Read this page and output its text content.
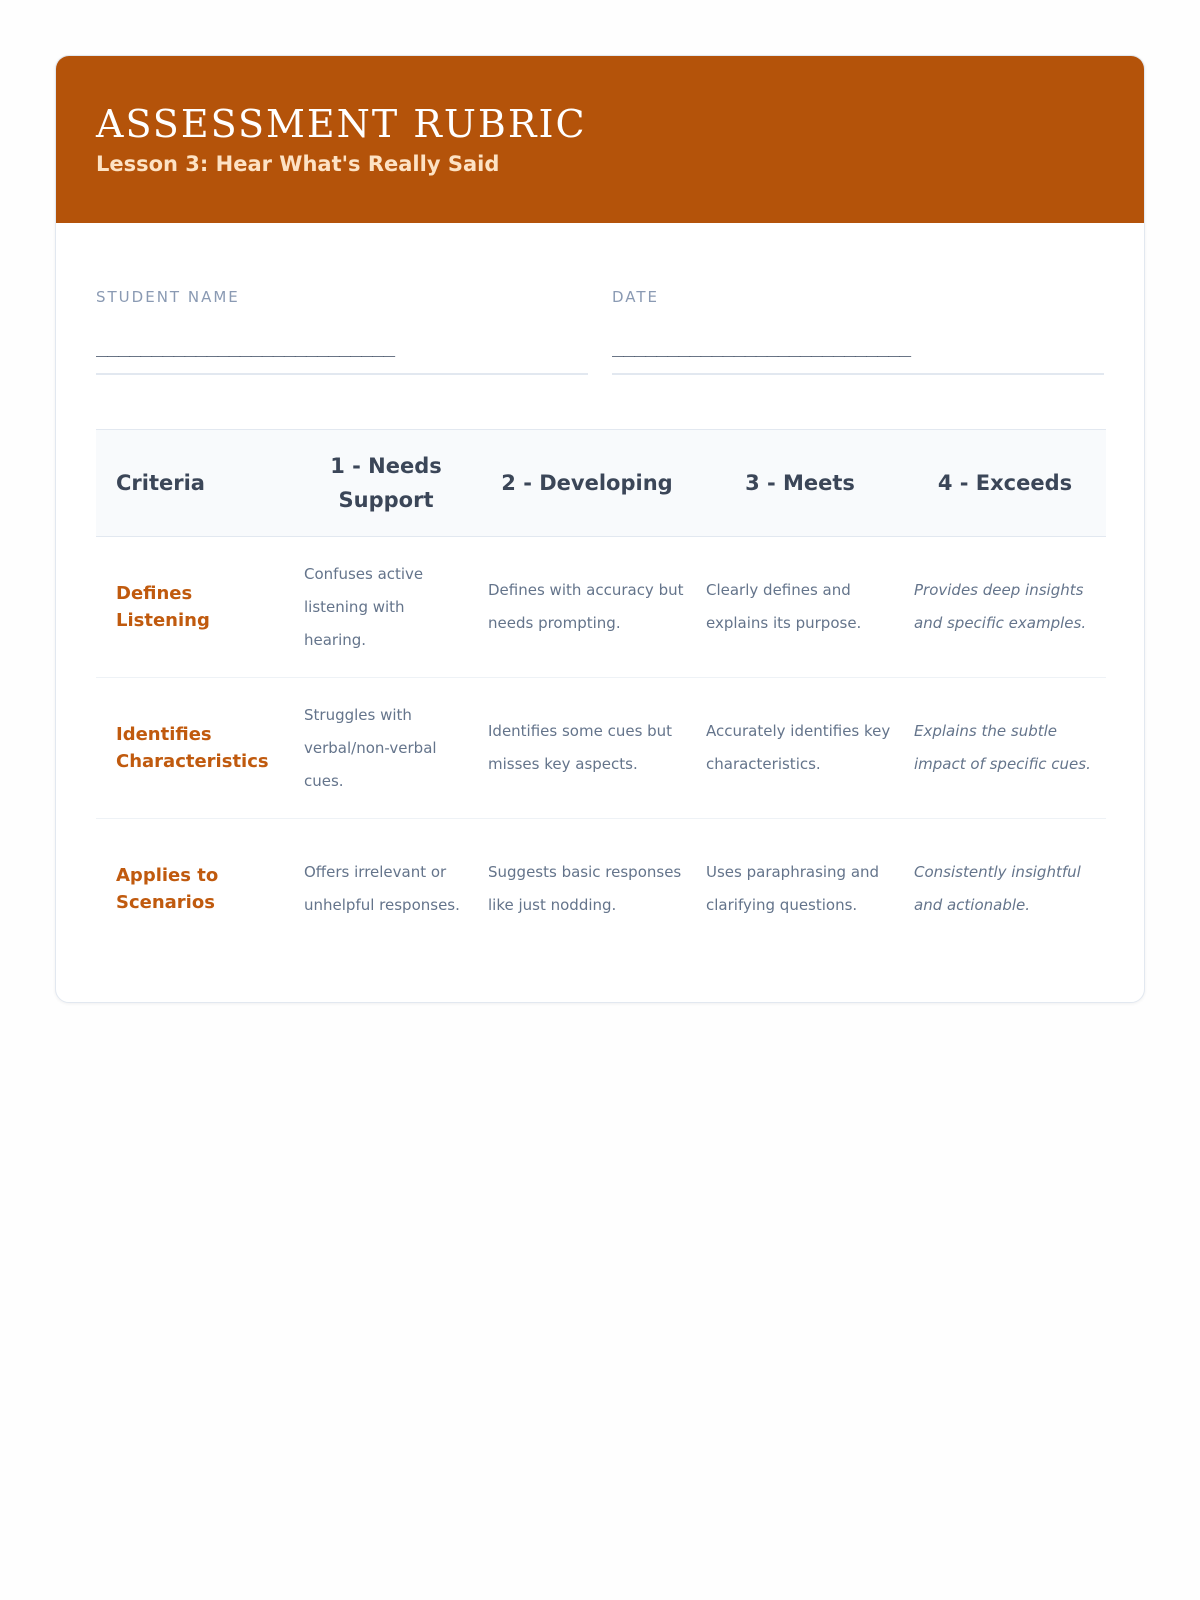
ASSESSMENT RUBRIC
Lesson 3: Hear What's Really Said
STUDENT NAME
___________________________
DATE
___________________________
Criteria	1 - Needs Support	2 - Developing	3 - Meets	4 - Exceeds
Defines Listening	Confuses active listening with hearing.	Defines with accuracy but needs prompting.	Clearly defines and explains its purpose.	Provides deep insights and specific examples.
Identifies Characteristics	Struggles with verbal/non-verbal cues.	Identifies some cues but misses key aspects.	Accurately identifies key characteristics.	Explains the subtle impact of specific cues.
Applies to Scenarios	Offers irrelevant or unhelpful responses.	Suggests basic responses like just nodding.	Uses paraphrasing and clarifying questions.	Consistently insightful and actionable.
